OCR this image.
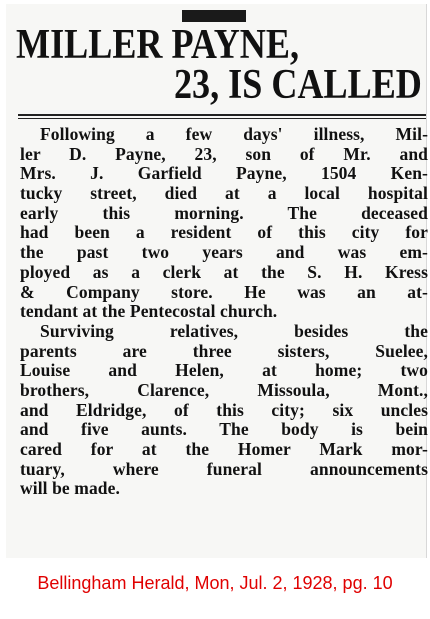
MILLER PAYNE,
23, IS CALLED
Following a few days' illness, Mil-
ler D. Payne, 23, son of Mr. and
Mrs. J. Garfield Payne, 1504 Ken-
tucky street, died at a local hospital
early this morning. The deceased
had been a resident of this city for
the past two years and was em-
ployed as a clerk at the S. H. Kress
& Company store. He was an at-
tendant at the Pentecostal church.
Surviving relatives, besides the
parents are three sisters, Suelee,
Louise and Helen, at home; two
brothers, Clarence, Missoula, Mont.,
and Eldridge, of this city; six uncles
and five aunts. The body is bein
cared for at the Homer Mark mor-
tuary, where funeral announcements
will be made.

Bellingham Herald, Mon, Jul. 2, 1928, pg. 10
